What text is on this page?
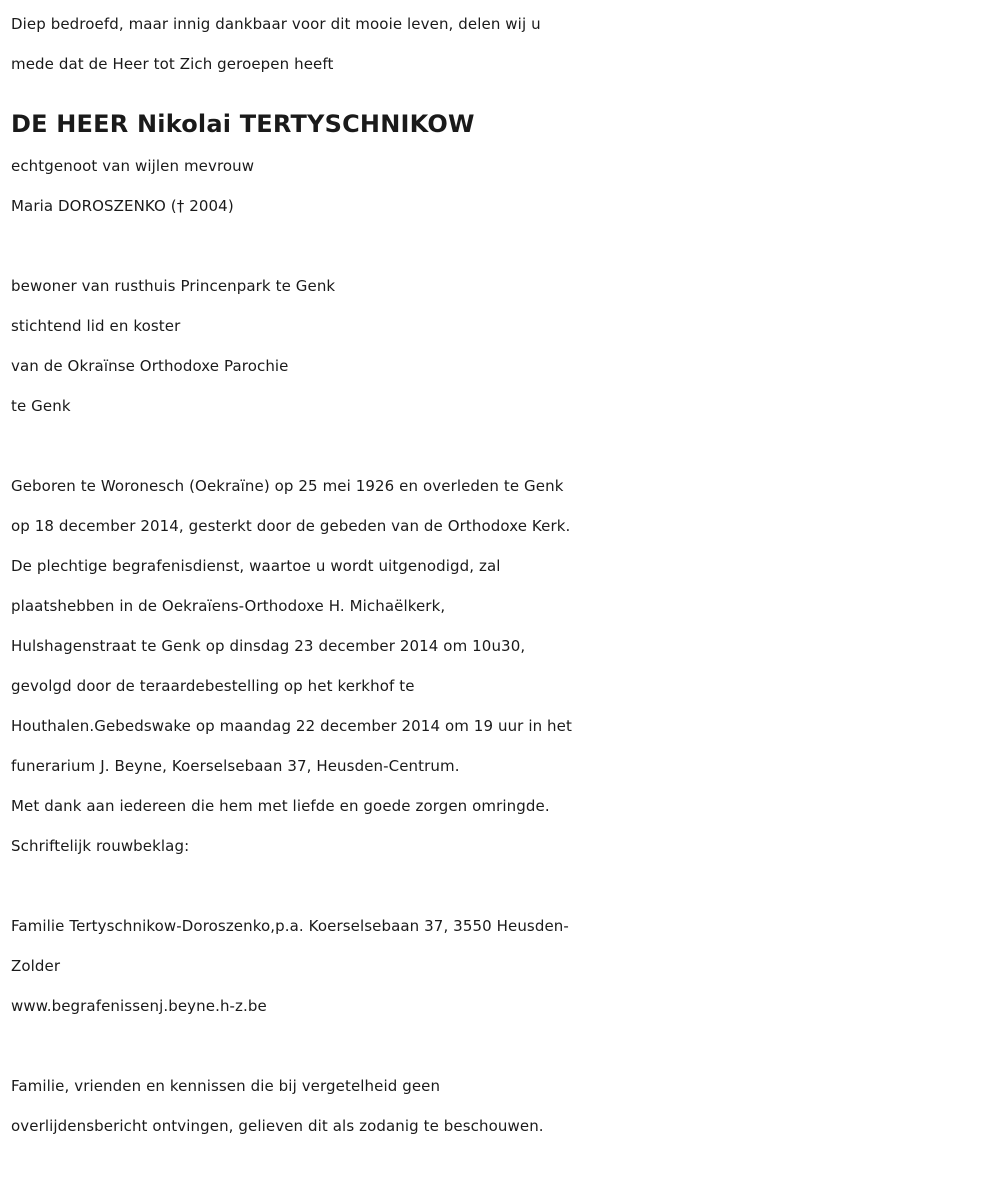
Diep bedroefd, maar innig dankbaar voor dit mooie leven, delen wij u
mede dat de Heer tot Zich geroepen heeft
DE HEER Nikolai TERTYSCHNIKOW
echtgenoot van wijlen mevrouw
Maria DOROSZENKO († 2004)
bewoner van rusthuis Princenpark te Genk
stichtend lid en koster
van de Okraïnse Orthodoxe Parochie
te Genk
Geboren te Woronesch (Oekraïne) op 25 mei 1926 en overleden te Genk
op 18 december 2014, gesterkt door de gebeden van de Orthodoxe Kerk.
De plechtige begrafenisdienst, waartoe u wordt uitgenodigd, zal
plaatshebben in de Oekraïens-Orthodoxe H. Michaëlkerk,
Hulshagenstraat te Genk op dinsdag 23 december 2014 om 10u30,
gevolgd door de teraardebestelling op het kerkhof te
Houthalen.Gebedswake op maandag 22 december 2014 om 19 uur in het
funerarium J. Beyne, Koerselsebaan 37, Heusden-Centrum.
Met dank aan iedereen die hem met liefde en goede zorgen omringde.
Schriftelijk rouwbeklag:
Familie Tertyschnikow-Doroszenko,p.a. Koerselsebaan 37, 3550 Heusden-
Zolder
www.begrafenissenj.beyne.h-z.be
Familie, vrienden en kennissen die bij vergetelheid geen
overlijdensbericht ontvingen, gelieven dit als zodanig te beschouwen.
